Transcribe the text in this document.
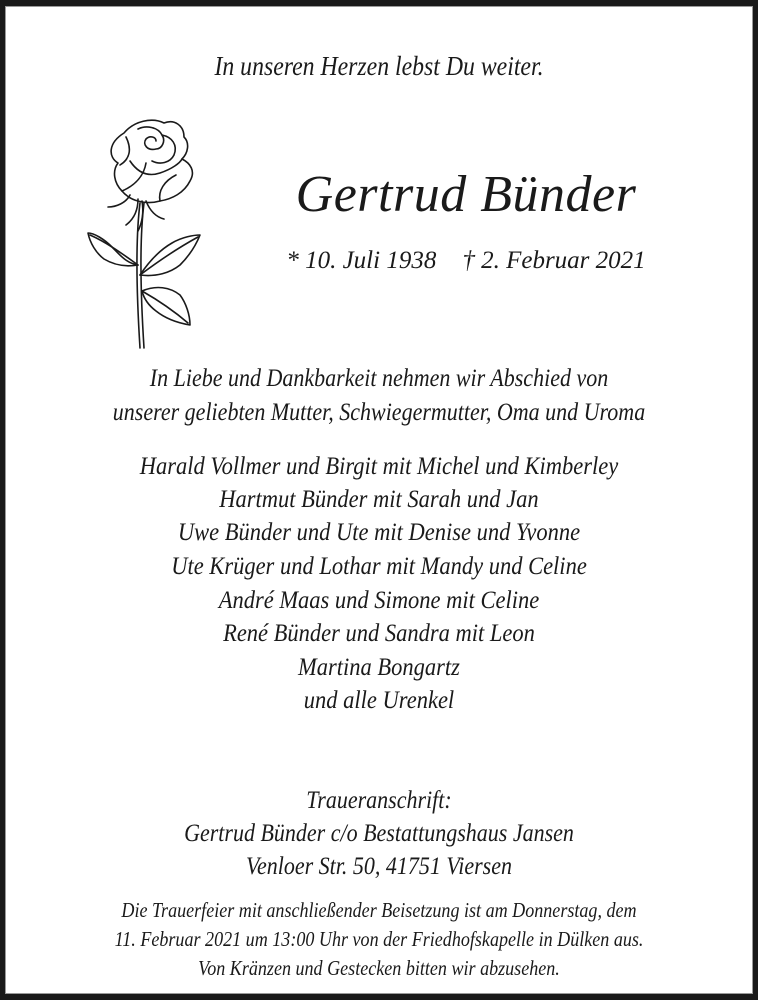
In unseren Herzen lebst Du weiter.
Gertrud Bünder
* 10. Juli 1938 † 2. Februar 2021
In Liebe und Dankbarkeit nehmen wir Abschied von
unserer geliebten Mutter, Schwiegermutter, Oma und Uroma
Harald Vollmer und Birgit mit Michel und Kimberley
Hartmut Bünder mit Sarah und Jan
Uwe Bünder und Ute mit Denise und Yvonne
Ute Krüger und Lothar mit Mandy und Celine
André Maas und Simone mit Celine
René Bünder und Sandra mit Leon
Martina Bongartz
und alle Urenkel
Traueranschrift:
Gertrud Bünder c/o Bestattungshaus Jansen
Venloer Str. 50, 41751 Viersen
Die Trauerfeier mit anschließender Beisetzung ist am Donnerstag, dem
11. Februar 2021 um 13:00 Uhr von der Friedhofskapelle in Dülken aus.
Von Kränzen und Gestecken bitten wir abzusehen.
